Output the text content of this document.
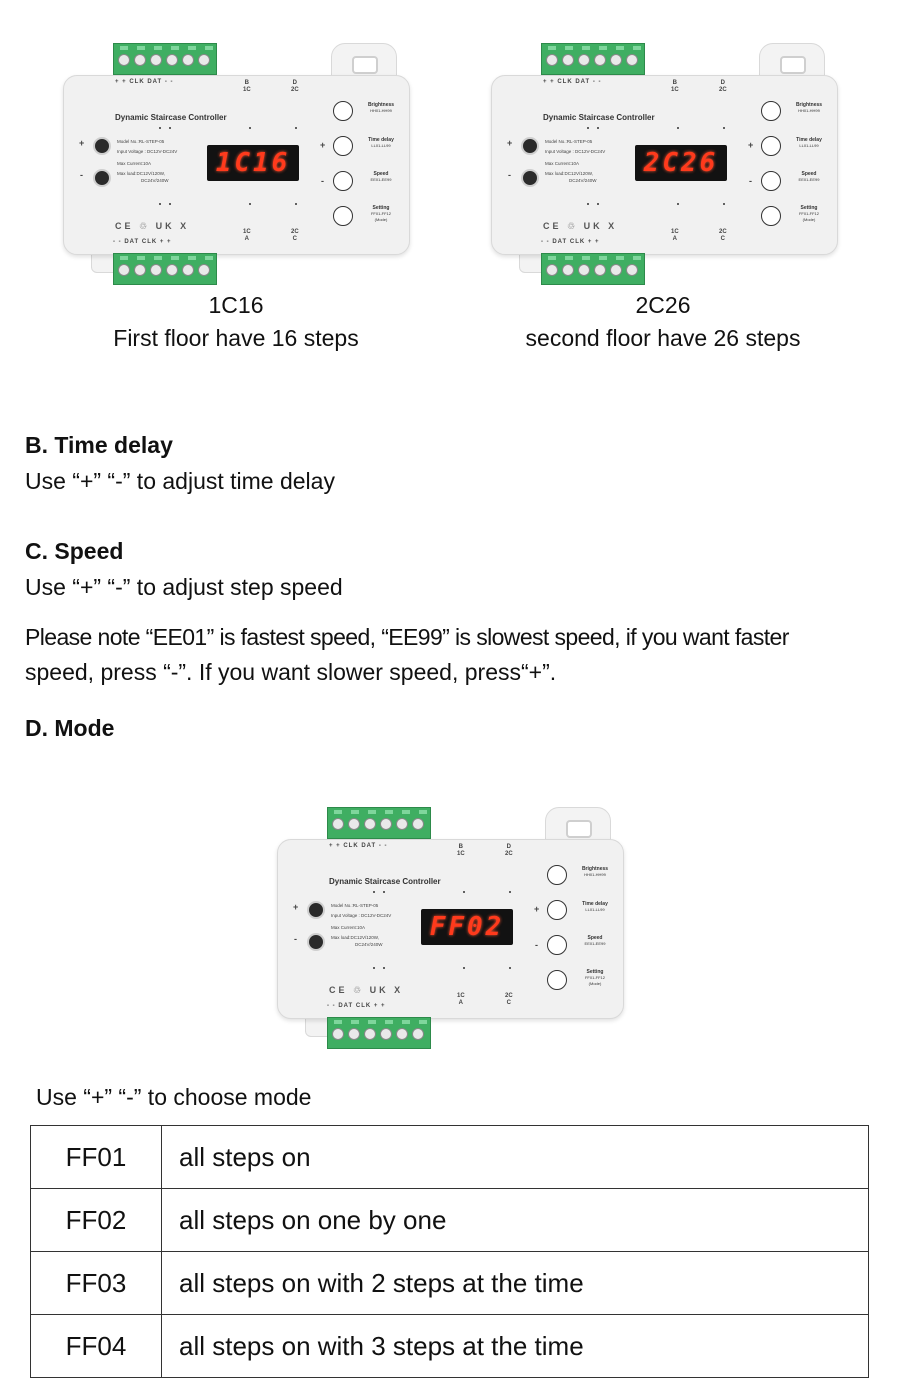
+ + CLK DAT - -
- - DAT CLK + +
B
1C
D
2C
1C
A
2C
C
Dynamic Staircase Controller
+
-
Model No.:RL-STEP-05
Input Voltage : DC12V-DC24V
Max Current:10A
Max load:DC12V/120W,
DC24V/240W
1C16
CE ♲ UK X
+
-
Brightness
HH01-HH99
Time delay
LL01-LL99
Speed
EE01-EE99
Setting
FF01-FF12
(Mode)
+ + CLK DAT - -
- - DAT CLK + +
B
1C
D
2C
1C
A
2C
C
Dynamic Staircase Controller
+
-
Model No.:RL-STEP-05
Input Voltage : DC12V-DC24V
Max Current:10A
Max load:DC12V/120W,
DC24V/240W
2C26
CE ♲ UK X
+
-
Brightness
HH01-HH99
Time delay
LL01-LL99
Speed
EE01-EE99
Setting
FF01-FF12
(Mode)
+ + CLK DAT - -
- - DAT CLK + +
B
1C
D
2C
1C
A
2C
C
Dynamic Staircase Controller
+
-
Model No.:RL-STEP-05
Input Voltage : DC12V-DC24V
Max Current:10A
Max load:DC12V/120W,
DC24V/240W
FF02
CE ♲ UK X
+
-
Brightness
HH01-HH99
Time delay
LL01-LL99
Speed
EE01-EE99
Setting
FF01-FF12
(Mode)
1C16
First floor have 16 steps
2C26
second floor have 26 steps
B. Time delay
Use “+” “-” to adjust time delay
C. Speed
Use “+” “-” to adjust step speed
Please note “EE01” is fastest speed, “EE99” is slowest speed, if you want faster
speed, press “-”. If you want slower speed, press“+”.
D. Mode
Use “+” “-” to choose mode
FF01	all steps on
FF02	all steps on one by one
FF03	all steps on with 2 steps at the time
FF04	all steps on with 3 steps at the time
